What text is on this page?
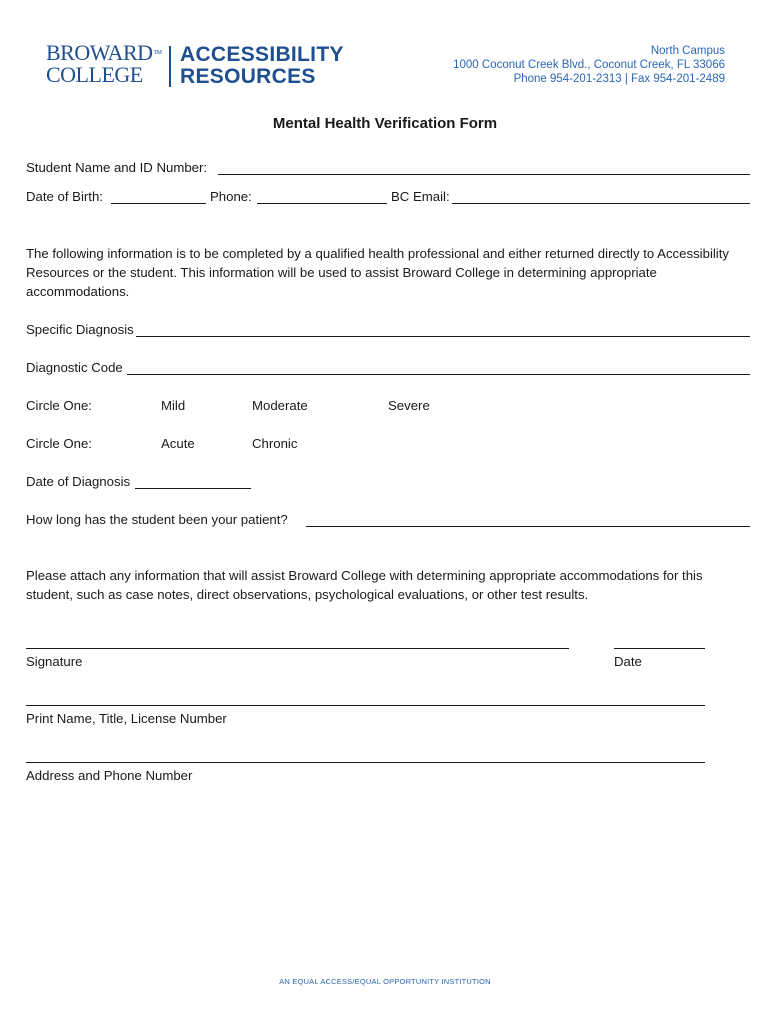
BROWARD™
COLLEGE
ACCESSIBILITY
RESOURCES
North Campus
1000 Coconut Creek Blvd., Coconut Creek, FL 33066
Phone 954-201-2313 | Fax 954-201-2489
Mental Health Verification Form
Student Name and ID Number:
Date of Birth:	Phone:	BC Email:
The following information is to be completed by a qualified health professional and either returned directly to Accessibility Resources or the student. This information will be used to assist Broward College in determining appropriate accommodations.
Specific Diagnosis
Diagnostic Code
Circle One:	Mild	Moderate	Severe
Circle One:	Acute	Chronic
Date of Diagnosis
How long has the student been your patient?
Please attach any information that will assist Broward College with determining appropriate accommodations for this student, such as case notes, direct observations, psychological evaluations, or other test results.
Signature	Date
Print Name, Title, License Number
Address and Phone Number
AN EQUAL ACCESS/EQUAL OPPORTUNITY INSTITUTION
